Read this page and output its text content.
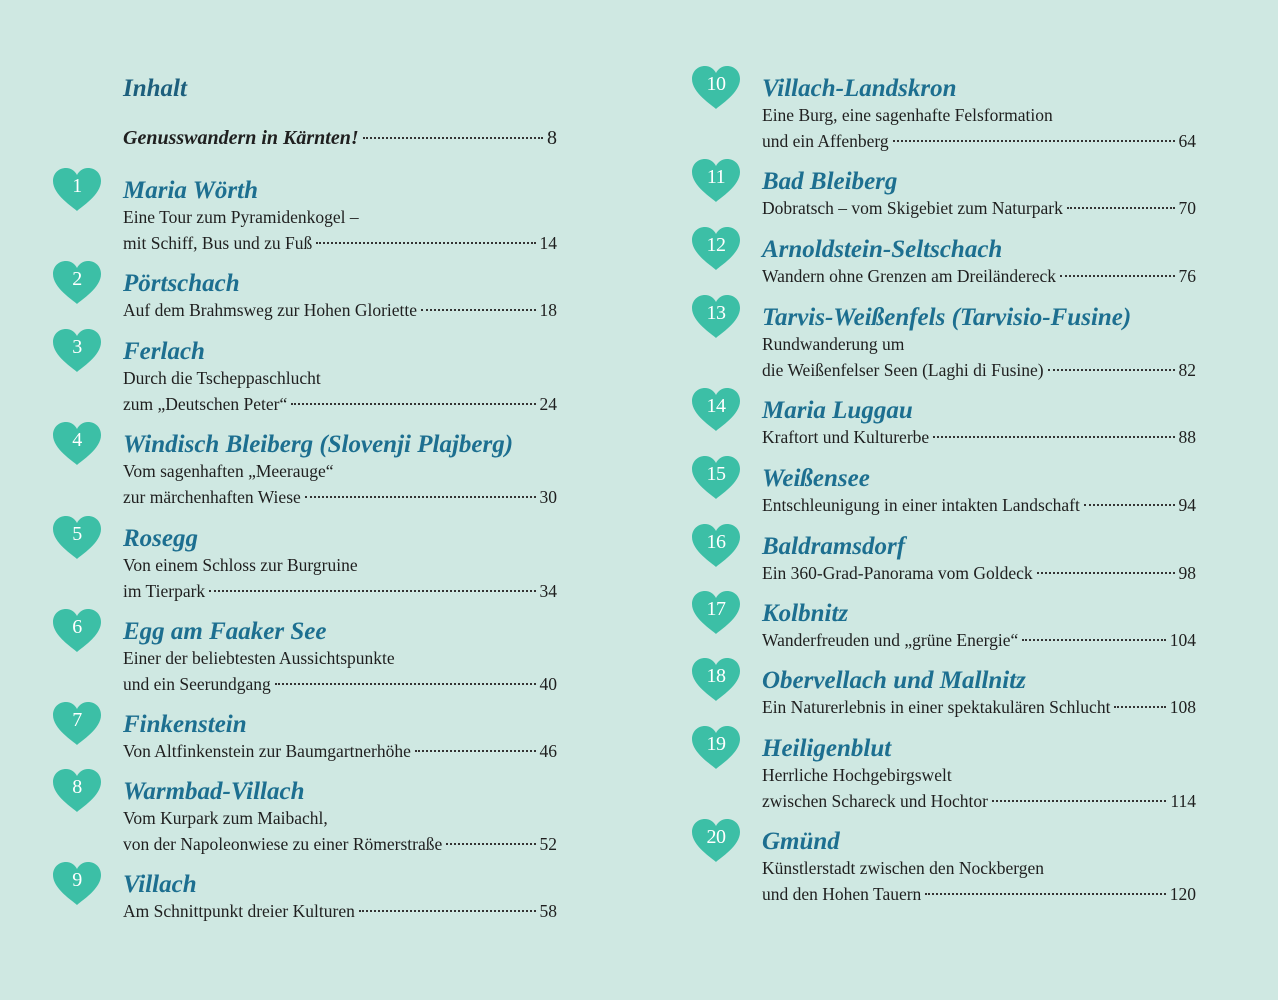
Inhalt
Genusswandern in Kärnten!	8
1	Maria Wörth
Eine Tour zum Pyramidenkogel –
mit Schiff, Bus und zu Fuß	14
2	Pörtschach
Auf dem Brahmsweg zur Hohen Gloriette	18
3	Ferlach
Durch die Tscheppaschlucht
zum „Deutschen Peter“	24
4	Windisch Bleiberg (Slovenji Plajberg)
Vom sagenhaften „Meerauge“
zur märchenhaften Wiese	30
5	Rosegg
Von einem Schloss zur Burgruine
im Tierpark	34
6	Egg am Faaker See
Einer der beliebtesten Aussichtspunkte
und ein Seerundgang	40
7	Finkenstein
Von Altfinkenstein zur Baumgartnerhöhe	46
8	Warmbad-Villach
Vom Kurpark zum Maibachl,
von der Napoleonwiese zu einer Römerstraße	52
9	Villach
Am Schnittpunkt dreier Kulturen	58
10	Villach-Landskron
Eine Burg, eine sagenhafte Felsformation
und ein Affenberg	64
11	Bad Bleiberg
Dobratsch – vom Skigebiet zum Naturpark	70
12	Arnoldstein-Seltschach
Wandern ohne Grenzen am Dreiländereck	76
13	Tarvis-Weißenfels (Tarvisio-Fusine)
Rundwanderung um
die Weißenfelser Seen (Laghi di Fusine)	82
14	Maria Luggau
Kraftort und Kulturerbe	88
15	Weißensee
Entschleunigung in einer intakten Landschaft	94
16	Baldramsdorf
Ein 360-Grad-Panorama vom Goldeck	98
17	Kolbnitz
Wanderfreuden und „grüne Energie“	104
18	Obervellach und Mallnitz
Ein Naturerlebnis in einer spektakulären Schlucht	108
19	Heiligenblut
Herrliche Hochgebirgswelt
zwischen Schareck und Hochtor	114
20	Gmünd
Künstlerstadt zwischen den Nockbergen
und den Hohen Tauern	120
